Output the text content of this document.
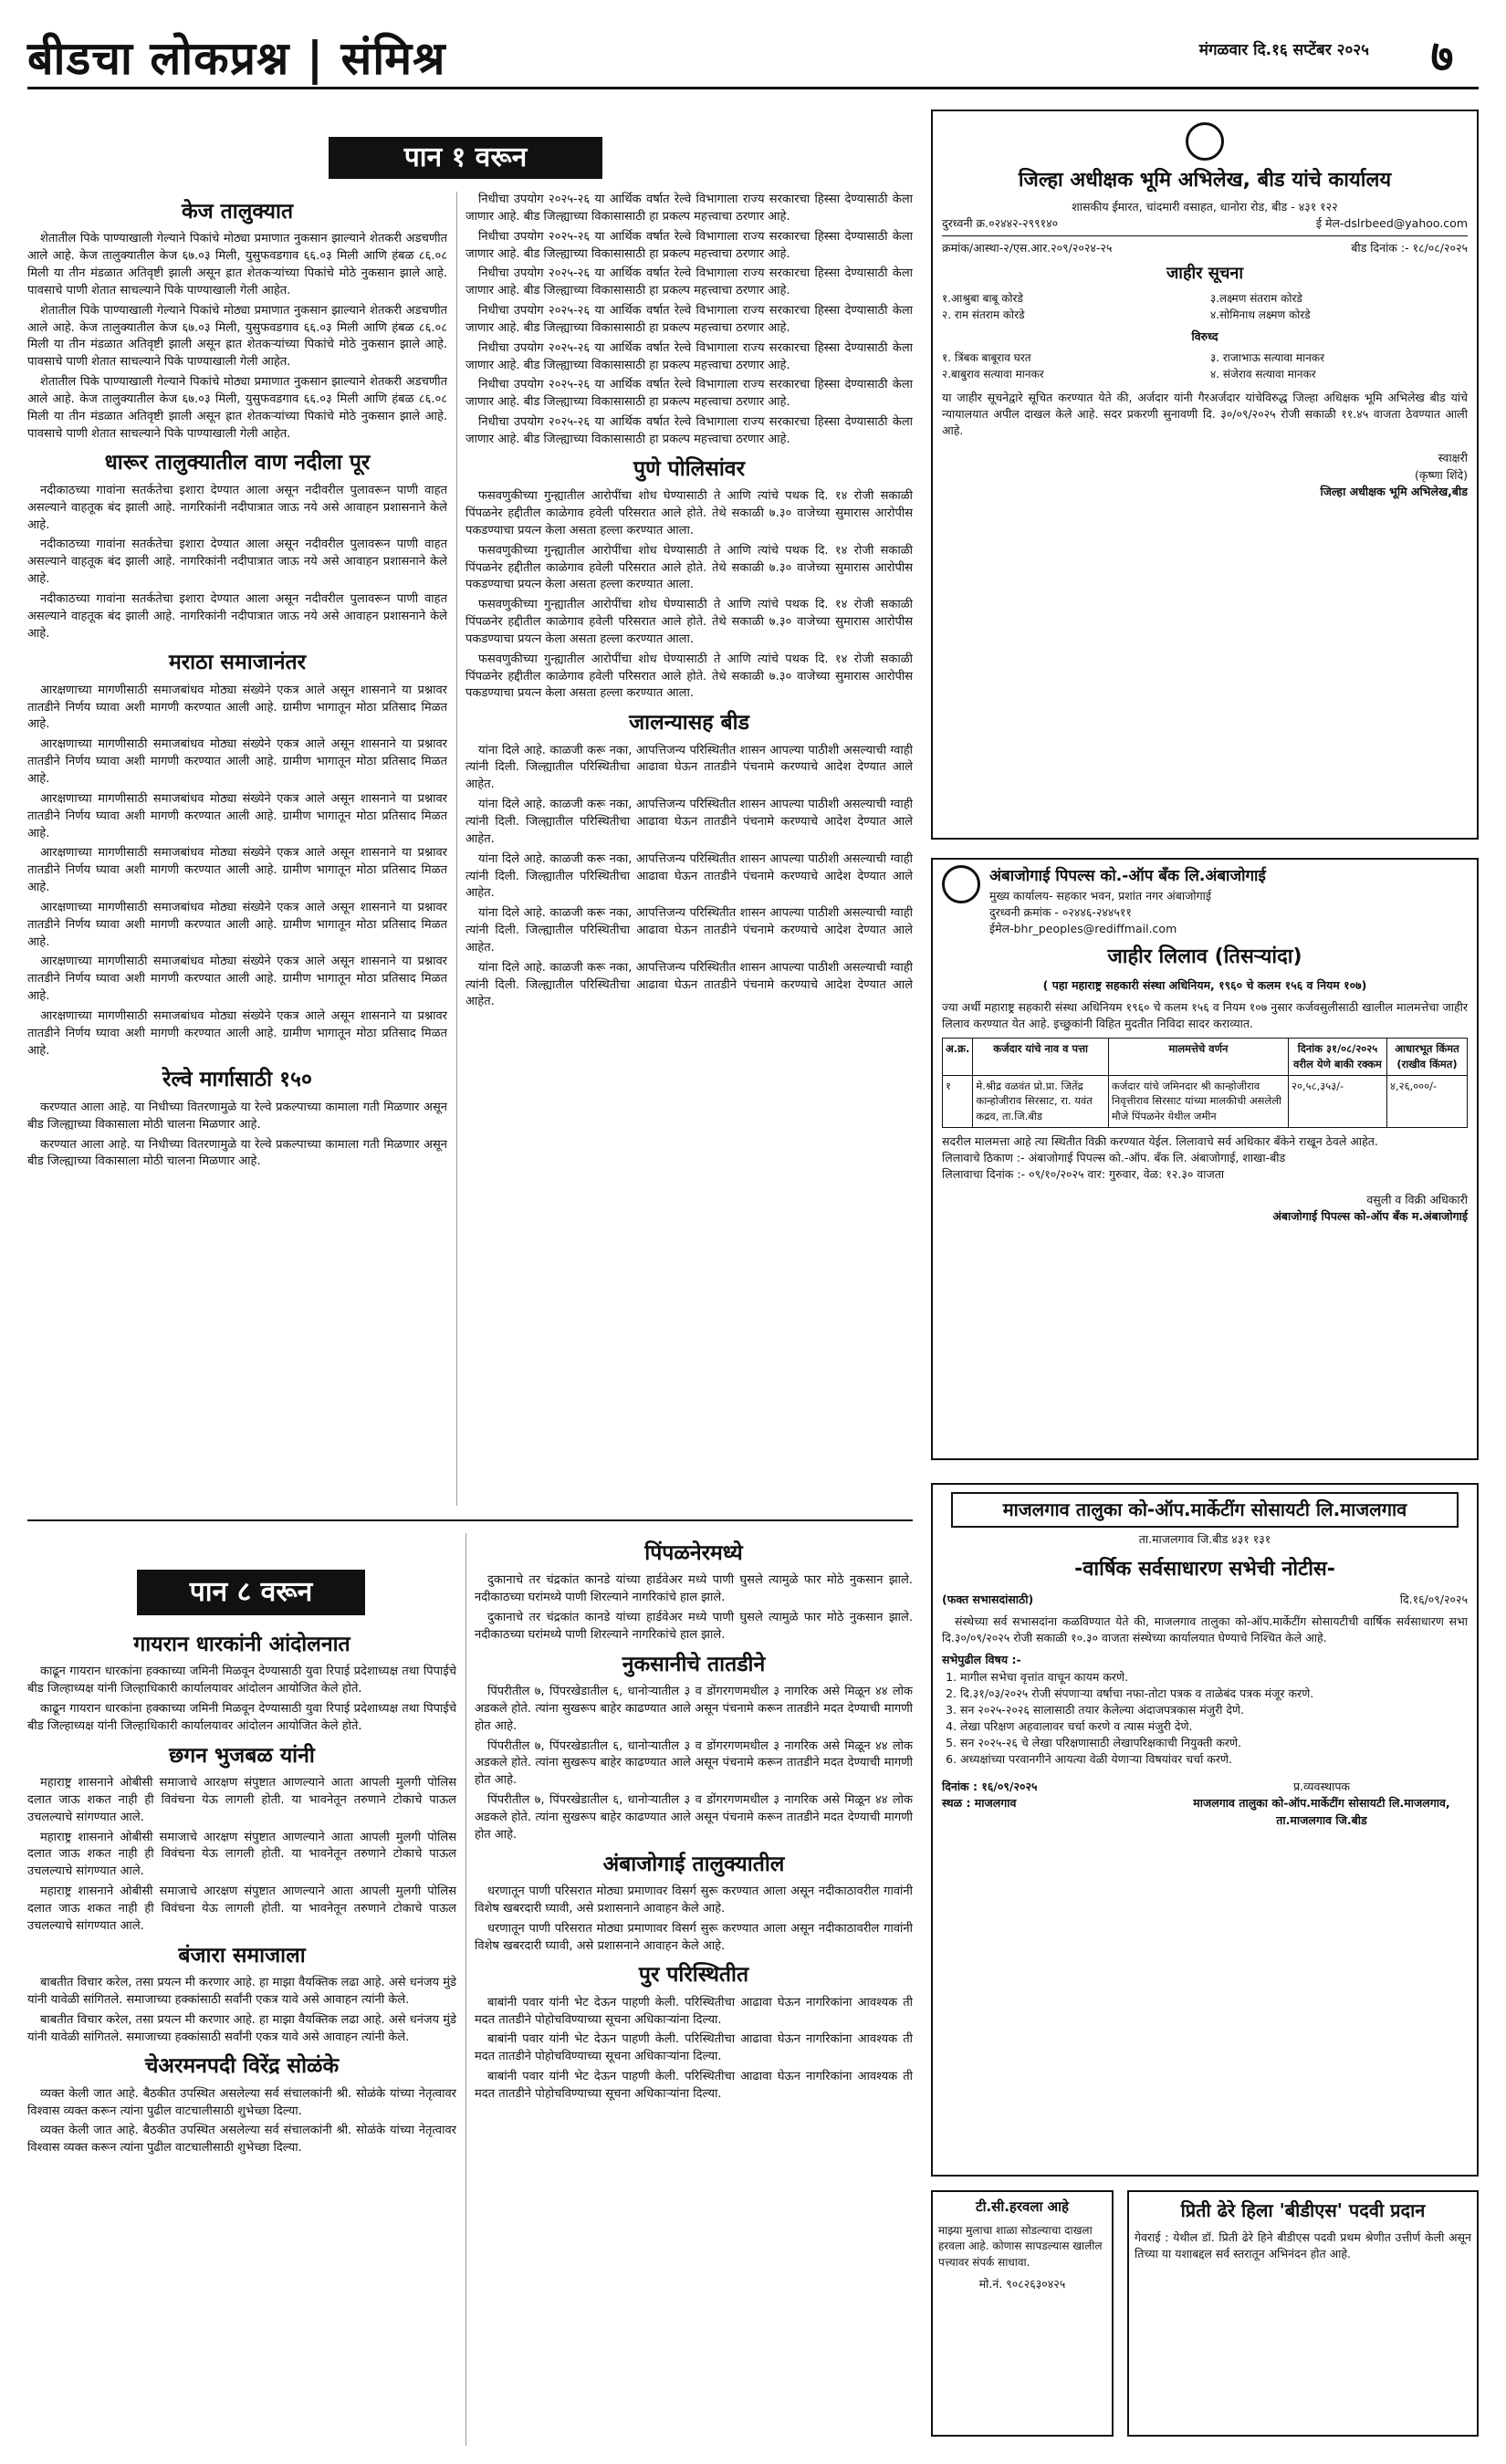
बीडचा लोकप्रश्न | संमिश्र	मंगळवार दि.१६ सप्टेंबर २०२५	७
पान १ वरून
केज तालुक्यात

शेतातील पिके पाण्याखाली गेल्याने पिकांचे मोठ्या प्रमाणात नुकसान झाल्याने शेतकरी अडचणीत आले आहे. केज तालुक्यातील केज ६७.०३ मिली, युसुफवडगाव ६६.०३ मिली आणि हंबळ ८६.०८ मिली या तीन मंडळात अतिवृष्टी झाली असून ह्रात शेतकऱ्यांच्या पिकांचे मोठे नुकसान झाले आहे. पावसाचे पाणी शेतात साचल्याने पिके पाण्याखाली गेली आहेत.

शेतातील पिके पाण्याखाली गेल्याने पिकांचे मोठ्या प्रमाणात नुकसान झाल्याने शेतकरी अडचणीत आले आहे. केज तालुक्यातील केज ६७.०३ मिली, युसुफवडगाव ६६.०३ मिली आणि हंबळ ८६.०८ मिली या तीन मंडळात अतिवृष्टी झाली असून ह्रात शेतकऱ्यांच्या पिकांचे मोठे नुकसान झाले आहे. पावसाचे पाणी शेतात साचल्याने पिके पाण्याखाली गेली आहेत.

शेतातील पिके पाण्याखाली गेल्याने पिकांचे मोठ्या प्रमाणात नुकसान झाल्याने शेतकरी अडचणीत आले आहे. केज तालुक्यातील केज ६७.०३ मिली, युसुफवडगाव ६६.०३ मिली आणि हंबळ ८६.०८ मिली या तीन मंडळात अतिवृष्टी झाली असून ह्रात शेतकऱ्यांच्या पिकांचे मोठे नुकसान झाले आहे. पावसाचे पाणी शेतात साचल्याने पिके पाण्याखाली गेली आहेत.

धारूर तालुक्यातील वाण नदीला पूर

नदीकाठच्या गावांना सतर्कतेचा इशारा देण्यात आला असून नदीवरील पुलावरून पाणी वाहत असल्याने वाहतूक बंद झाली आहे. नागरिकांनी नदीपात्रात जाऊ नये असे आवाहन प्रशासनाने केले आहे.

नदीकाठच्या गावांना सतर्कतेचा इशारा देण्यात आला असून नदीवरील पुलावरून पाणी वाहत असल्याने वाहतूक बंद झाली आहे. नागरिकांनी नदीपात्रात जाऊ नये असे आवाहन प्रशासनाने केले आहे.

नदीकाठच्या गावांना सतर्कतेचा इशारा देण्यात आला असून नदीवरील पुलावरून पाणी वाहत असल्याने वाहतूक बंद झाली आहे. नागरिकांनी नदीपात्रात जाऊ नये असे आवाहन प्रशासनाने केले आहे.

मराठा समाजानंतर

आरक्षणाच्या मागणीसाठी समाजबांधव मोठ्या संख्येने एकत्र आले असून शासनाने या प्रश्नावर तातडीने निर्णय घ्यावा अशी मागणी करण्यात आली आहे. ग्रामीण भागातून मोठा प्रतिसाद मिळत आहे.

आरक्षणाच्या मागणीसाठी समाजबांधव मोठ्या संख्येने एकत्र आले असून शासनाने या प्रश्नावर तातडीने निर्णय घ्यावा अशी मागणी करण्यात आली आहे. ग्रामीण भागातून मोठा प्रतिसाद मिळत आहे.

आरक्षणाच्या मागणीसाठी समाजबांधव मोठ्या संख्येने एकत्र आले असून शासनाने या प्रश्नावर तातडीने निर्णय घ्यावा अशी मागणी करण्यात आली आहे. ग्रामीण भागातून मोठा प्रतिसाद मिळत आहे.

आरक्षणाच्या मागणीसाठी समाजबांधव मोठ्या संख्येने एकत्र आले असून शासनाने या प्रश्नावर तातडीने निर्णय घ्यावा अशी मागणी करण्यात आली आहे. ग्रामीण भागातून मोठा प्रतिसाद मिळत आहे.

आरक्षणाच्या मागणीसाठी समाजबांधव मोठ्या संख्येने एकत्र आले असून शासनाने या प्रश्नावर तातडीने निर्णय घ्यावा अशी मागणी करण्यात आली आहे. ग्रामीण भागातून मोठा प्रतिसाद मिळत आहे.

आरक्षणाच्या मागणीसाठी समाजबांधव मोठ्या संख्येने एकत्र आले असून शासनाने या प्रश्नावर तातडीने निर्णय घ्यावा अशी मागणी करण्यात आली आहे. ग्रामीण भागातून मोठा प्रतिसाद मिळत आहे.

आरक्षणाच्या मागणीसाठी समाजबांधव मोठ्या संख्येने एकत्र आले असून शासनाने या प्रश्नावर तातडीने निर्णय घ्यावा अशी मागणी करण्यात आली आहे. ग्रामीण भागातून मोठा प्रतिसाद मिळत आहे.

रेल्वे मार्गासाठी १५०

करण्यात आला आहे. या निधीच्या वितरणामुळे या रेल्वे प्रकल्पाच्या कामाला गती मिळणार असून बीड जिल्ह्याच्या विकासाला मोठी चालना मिळणार आहे.

करण्यात आला आहे. या निधीच्या वितरणामुळे या रेल्वे प्रकल्पाच्या कामाला गती मिळणार असून बीड जिल्ह्याच्या विकासाला मोठी चालना मिळणार आहे.

निधीचा उपयोग २०२५-२६ या आर्थिक वर्षात रेल्वे विभागाला राज्य सरकारचा हिस्सा देण्यासाठी केला जाणार आहे. बीड जिल्ह्याच्या विकासासाठी हा प्रकल्प महत्त्वाचा ठरणार आहे.

निधीचा उपयोग २०२५-२६ या आर्थिक वर्षात रेल्वे विभागाला राज्य सरकारचा हिस्सा देण्यासाठी केला जाणार आहे. बीड जिल्ह्याच्या विकासासाठी हा प्रकल्प महत्त्वाचा ठरणार आहे.

निधीचा उपयोग २०२५-२६ या आर्थिक वर्षात रेल्वे विभागाला राज्य सरकारचा हिस्सा देण्यासाठी केला जाणार आहे. बीड जिल्ह्याच्या विकासासाठी हा प्रकल्प महत्त्वाचा ठरणार आहे.

निधीचा उपयोग २०२५-२६ या आर्थिक वर्षात रेल्वे विभागाला राज्य सरकारचा हिस्सा देण्यासाठी केला जाणार आहे. बीड जिल्ह्याच्या विकासासाठी हा प्रकल्प महत्त्वाचा ठरणार आहे.

निधीचा उपयोग २०२५-२६ या आर्थिक वर्षात रेल्वे विभागाला राज्य सरकारचा हिस्सा देण्यासाठी केला जाणार आहे. बीड जिल्ह्याच्या विकासासाठी हा प्रकल्प महत्त्वाचा ठरणार आहे.

निधीचा उपयोग २०२५-२६ या आर्थिक वर्षात रेल्वे विभागाला राज्य सरकारचा हिस्सा देण्यासाठी केला जाणार आहे. बीड जिल्ह्याच्या विकासासाठी हा प्रकल्प महत्त्वाचा ठरणार आहे.

निधीचा उपयोग २०२५-२६ या आर्थिक वर्षात रेल्वे विभागाला राज्य सरकारचा हिस्सा देण्यासाठी केला जाणार आहे. बीड जिल्ह्याच्या विकासासाठी हा प्रकल्प महत्त्वाचा ठरणार आहे.

पुणे पोलिसांवर

फसवणुकीच्या गुन्ह्यातील आरोपींचा शोध घेण्यासाठी ते आणि त्यांचे पथक दि. १४ रोजी सकाळी पिंपळनेर हद्दीतील काळेगाव हवेली परिसरात आले होते. तेथे सकाळी ७.३० वाजेच्या सुमारास आरोपीस पकडण्याचा प्रयत्न केला असता हल्ला करण्यात आला.

फसवणुकीच्या गुन्ह्यातील आरोपींचा शोध घेण्यासाठी ते आणि त्यांचे पथक दि. १४ रोजी सकाळी पिंपळनेर हद्दीतील काळेगाव हवेली परिसरात आले होते. तेथे सकाळी ७.३० वाजेच्या सुमारास आरोपीस पकडण्याचा प्रयत्न केला असता हल्ला करण्यात आला.

फसवणुकीच्या गुन्ह्यातील आरोपींचा शोध घेण्यासाठी ते आणि त्यांचे पथक दि. १४ रोजी सकाळी पिंपळनेर हद्दीतील काळेगाव हवेली परिसरात आले होते. तेथे सकाळी ७.३० वाजेच्या सुमारास आरोपीस पकडण्याचा प्रयत्न केला असता हल्ला करण्यात आला.

फसवणुकीच्या गुन्ह्यातील आरोपींचा शोध घेण्यासाठी ते आणि त्यांचे पथक दि. १४ रोजी सकाळी पिंपळनेर हद्दीतील काळेगाव हवेली परिसरात आले होते. तेथे सकाळी ७.३० वाजेच्या सुमारास आरोपीस पकडण्याचा प्रयत्न केला असता हल्ला करण्यात आला.

जालन्यासह बीड

यांना दिले आहे. काळजी करू नका, आपत्तिजन्य परिस्थितीत शासन आपल्या पाठीशी असल्याची ग्वाही त्यांनी दिली. जिल्ह्यातील परिस्थितीचा आढावा घेऊन तातडीने पंचनामे करण्याचे आदेश देण्यात आले आहेत.

यांना दिले आहे. काळजी करू नका, आपत्तिजन्य परिस्थितीत शासन आपल्या पाठीशी असल्याची ग्वाही त्यांनी दिली. जिल्ह्यातील परिस्थितीचा आढावा घेऊन तातडीने पंचनामे करण्याचे आदेश देण्यात आले आहेत.

यांना दिले आहे. काळजी करू नका, आपत्तिजन्य परिस्थितीत शासन आपल्या पाठीशी असल्याची ग्वाही त्यांनी दिली. जिल्ह्यातील परिस्थितीचा आढावा घेऊन तातडीने पंचनामे करण्याचे आदेश देण्यात आले आहेत.

यांना दिले आहे. काळजी करू नका, आपत्तिजन्य परिस्थितीत शासन आपल्या पाठीशी असल्याची ग्वाही त्यांनी दिली. जिल्ह्यातील परिस्थितीचा आढावा घेऊन तातडीने पंचनामे करण्याचे आदेश देण्यात आले आहेत.

यांना दिले आहे. काळजी करू नका, आपत्तिजन्य परिस्थितीत शासन आपल्या पाठीशी असल्याची ग्वाही त्यांनी दिली. जिल्ह्यातील परिस्थितीचा आढावा घेऊन तातडीने पंचनामे करण्याचे आदेश देण्यात आले आहेत.

जिल्हा अधीक्षक भूमि अभिलेख, बीड यांचे कार्यालय
शासकीय ईमारत, चांदमारी वसाहत, धानोरा रोड, बीड - ४३१ १२२
दुरध्वनी क्र.०२४४२-२९९१४०	ई मेल-dslrbeed@yahoo.com
क्रमांक/आस्था-२/एस.आर.२०९/२०२४-२५	बीड दिनांक :- १८/०८/२०२५
जाहीर सूचना
१.आश्रुबा बाबू कोरडे
२. राम संतराम कोरडे
३.लक्ष्मण संतराम कोरडे
४.सोमिनाथ लक्ष्मण कोरडे
विरुध्द
१. त्रिंबक बाबूराव घरत
२.बाबुराव सत्यावा मानकर
३. राजाभाऊ सत्यावा मानकर
४. संजेराव सत्यावा मानकर

या जाहीर सूचनेद्वारे सूचित करण्यात येते की, अर्जदार यांनी गैरअर्जदार यांचेविरुद्ध जिल्हा अधिक्षक भूमि अभिलेख बीड यांचे न्यायालयात अपील दाखल केले आहे. सदर प्रकरणी सुनावणी दि. ३०/०९/२०२५ रोजी सकाळी ११.४५ वाजता ठेवण्यात आली आहे.

स्वाक्षरी
(कृष्णा शिंदे)
जिल्हा अधीक्षक भूमि अभिलेख,बीड
अंबाजोगाई पिपल्स को.-ऑप बँक लि.अंबाजोगाई
मुख्य कार्यालय- सहकार भवन, प्रशांत नगर अंबाजोगाई
दुरध्वनी क्रमांक - ०२४४६-२४४५११
ईमेल-bhr_peoples@rediffmail.com
जाहीर लिलाव (तिसऱ्यांदा)
( पहा महाराष्ट्र सहकारी संस्था अधिनियम, १९६० चे कलम १५६ व नियम १०७)

ज्या अर्थी महाराष्ट्र सहकारी संस्था अधिनियम १९६० चे कलम १५६ व नियम १०७ नुसार कर्जवसुलीसाठी खालील मालमत्तेचा जाहीर लिलाव करण्यात येत आहे. इच्छुकांनी विहित मुदतीत निविदा सादर कराव्यात.

अ.क्र.	कर्जदार यांचे नाव व पत्ता	मालमत्तेचे वर्णन	दिनांक ३१/०८/२०२५ वरील येणे बाकी रक्कम	आधारभूत किंमत (राखीव किंमत)
१	मे.श्रीद्र वळवंत प्रो.प्रा. जितेंद्र कान्होजीराव सिरसाट, रा. यवंत कद्रव, ता.जि.बीड	कर्जदार यांचे जमिनदार श्री कान्होजीराव निवृत्तीराव सिरसाट यांच्या मालकीची असलेली मौजे पिंपळनेर येथील जमीन	२०,५८,३५३/-	४,२६,०००/-

सदरील मालमत्ता आहे त्या स्थितीत विक्री करण्यात येईल. लिलावाचे सर्व अधिकार बँकेने राखून ठेवले आहेत.

लिलावाचे ठिकाण :- अंबाजोगाई पिपल्स को.-ऑप. बँक लि. अंबाजोगाई, शाखा-बीड

लिलावाचा दिनांक :- ०९/१०/२०२५ वार: गुरुवार, वेळ: १२.३० वाजता

वसुली व विक्री अधिकारी
अंबाजोगाई पिपल्स को-ऑप बँक म.अंबाजोगाई
पान ८ वरून
गायरान धारकांनी आंदोलनात

काढून गायरान धारकांना हक्काच्या जमिनी मिळवून देण्यासाठी युवा रिपाई प्रदेशाध्यक्ष तथा पिपाईचे बीड जिल्हाध्यक्ष यांनी जिल्हाधिकारी कार्यालयावर आंदोलन आयोजित केले होते.

काढून गायरान धारकांना हक्काच्या जमिनी मिळवून देण्यासाठी युवा रिपाई प्रदेशाध्यक्ष तथा पिपाईचे बीड जिल्हाध्यक्ष यांनी जिल्हाधिकारी कार्यालयावर आंदोलन आयोजित केले होते.

छगन भुजबळ यांनी

महाराष्ट्र शासनाने ओबीसी समाजाचे आरक्षण संपुष्टात आणल्याने आता आपली मुलगी पोलिस दलात जाऊ शकत नाही ही विवंचना येऊ लागली होती. या भावनेतून तरुणाने टोकाचे पाऊल उचलल्याचे सांगण्यात आले.

महाराष्ट्र शासनाने ओबीसी समाजाचे आरक्षण संपुष्टात आणल्याने आता आपली मुलगी पोलिस दलात जाऊ शकत नाही ही विवंचना येऊ लागली होती. या भावनेतून तरुणाने टोकाचे पाऊल उचलल्याचे सांगण्यात आले.

महाराष्ट्र शासनाने ओबीसी समाजाचे आरक्षण संपुष्टात आणल्याने आता आपली मुलगी पोलिस दलात जाऊ शकत नाही ही विवंचना येऊ लागली होती. या भावनेतून तरुणाने टोकाचे पाऊल उचलल्याचे सांगण्यात आले.

बंजारा समाजाला

बाबतीत विचार करेल, तसा प्रयत्न मी करणार आहे. हा माझा वैयक्तिक लढा आहे. असे धनंजय मुंडे यांनी यावेळी सांगितले. समाजाच्या हक्कांसाठी सर्वांनी एकत्र यावे असे आवाहन त्यांनी केले.

बाबतीत विचार करेल, तसा प्रयत्न मी करणार आहे. हा माझा वैयक्तिक लढा आहे. असे धनंजय मुंडे यांनी यावेळी सांगितले. समाजाच्या हक्कांसाठी सर्वांनी एकत्र यावे असे आवाहन त्यांनी केले.

चेअरमनपदी विरेंद्र सोळंके

व्यक्त केली जात आहे. बैठकीत उपस्थित असलेल्या सर्व संचालकांनी श्री. सोळंके यांच्या नेतृत्वावर विश्वास व्यक्त करून त्यांना पुढील वाटचालीसाठी शुभेच्छा दिल्या.

व्यक्त केली जात आहे. बैठकीत उपस्थित असलेल्या सर्व संचालकांनी श्री. सोळंके यांच्या नेतृत्वावर विश्वास व्यक्त करून त्यांना पुढील वाटचालीसाठी शुभेच्छा दिल्या.

पिंपळनेरमध्ये

दुकानाचे तर चंद्रकांत कानडे यांच्या हार्डवेअर मध्ये पाणी घुसले त्यामुळे फार मोठे नुकसान झाले. नदीकाठच्या घरांमध्ये पाणी शिरल्याने नागरिकांचे हाल झाले.

दुकानाचे तर चंद्रकांत कानडे यांच्या हार्डवेअर मध्ये पाणी घुसले त्यामुळे फार मोठे नुकसान झाले. नदीकाठच्या घरांमध्ये पाणी शिरल्याने नागरिकांचे हाल झाले.

नुकसानीचे तातडीने

पिंपरीतील ७, पिंपरखेडातील ६, धानोऱ्यातील ३ व डोंगरगणमधील ३ नागरिक असे मिळून ४४ लोक अडकले होते. त्यांना सुखरूप बाहेर काढण्यात आले असून पंचनामे करून तातडीने मदत देण्याची मागणी होत आहे.

पिंपरीतील ७, पिंपरखेडातील ६, धानोऱ्यातील ३ व डोंगरगणमधील ३ नागरिक असे मिळून ४४ लोक अडकले होते. त्यांना सुखरूप बाहेर काढण्यात आले असून पंचनामे करून तातडीने मदत देण्याची मागणी होत आहे.

पिंपरीतील ७, पिंपरखेडातील ६, धानोऱ्यातील ३ व डोंगरगणमधील ३ नागरिक असे मिळून ४४ लोक अडकले होते. त्यांना सुखरूप बाहेर काढण्यात आले असून पंचनामे करून तातडीने मदत देण्याची मागणी होत आहे.

अंबाजोगाई तालुक्यातील

धरणातून पाणी परिसरात मोठ्या प्रमाणावर विसर्ग सुरू करण्यात आला असून नदीकाठावरील गावांनी विशेष खबरदारी घ्यावी, असे प्रशासनाने आवाहन केले आहे.

धरणातून पाणी परिसरात मोठ्या प्रमाणावर विसर्ग सुरू करण्यात आला असून नदीकाठावरील गावांनी विशेष खबरदारी घ्यावी, असे प्रशासनाने आवाहन केले आहे.

पुर परिस्थितीत

बाबांनी पवार यांनी भेट देऊन पाहणी केली. परिस्थितीचा आढावा घेऊन नागरिकांना आवश्यक ती मदत तातडीने पोहोचविण्याच्या सूचना अधिकाऱ्यांना दिल्या.

बाबांनी पवार यांनी भेट देऊन पाहणी केली. परिस्थितीचा आढावा घेऊन नागरिकांना आवश्यक ती मदत तातडीने पोहोचविण्याच्या सूचना अधिकाऱ्यांना दिल्या.

बाबांनी पवार यांनी भेट देऊन पाहणी केली. परिस्थितीचा आढावा घेऊन नागरिकांना आवश्यक ती मदत तातडीने पोहोचविण्याच्या सूचना अधिकाऱ्यांना दिल्या.

माजलगाव तालुका को-ऑप.मार्केटींग सोसायटी लि.माजलगाव
ता.माजलगाव जि.बीड ४३१ १३१
-वार्षिक सर्वसाधारण सभेची नोटीस-
(फक्त सभासदांसाठी)	दि.१६/०९/२०२५

संस्थेच्या सर्व सभासदांना कळविण्यात येते की, माजलगाव तालुका को-ऑप.मार्केटींग सोसायटीची वार्षिक सर्वसाधारण सभा दि.३०/०९/२०२५ रोजी सकाळी १०.३० वाजता संस्थेच्या कार्यालयात घेण्याचे निश्चित केले आहे.

सभेपुढील विषय :-
1. मागील सभेचा वृत्तांत वाचून कायम करणे.
2. दि.३१/०३/२०२५ रोजी संपणाऱ्या वर्षाचा नफा-तोटा पत्रक व ताळेबंद पत्रक मंजूर करणे.
3. सन २०२५-२०२६ सालासाठी तयार केलेल्या अंदाजपत्रकास मंजुरी देणे.
4. लेखा परिक्षण अहवालावर चर्चा करणे व त्यास मंजुरी देणे.
5. सन २०२५-२६ चे लेखा परिक्षणासाठी लेखापरिक्षकाची नियुक्ती करणे.
6. अध्यक्षांच्या परवानगीने आयत्या वेळी येणाऱ्या विषयांवर चर्चा करणे.
दिनांक : १६/०९/२०२५
स्थळ : माजलगाव
प्र.व्यवस्थापक
माजलगाव तालुका को-ऑप.मार्केटींग सोसायटी लि.माजलगाव, ता.माजलगाव जि.बीड
टी.सी.हरवला आहे

माझ्या मुलाचा शाळा सोडल्याचा दाखला हरवला आहे. कोणास सापडल्यास खालील पत्त्यावर संपर्क साधावा.

मो.नं. ९०८२६३०४२५
प्रिती ढेरे हिला 'बीडीएस' पदवी प्रदान

गेवराई : येथील डॉ. प्रिती ढेरे हिने बीडीएस पदवी प्रथम श्रेणीत उत्तीर्ण केली असून तिच्या या यशाबद्दल सर्व स्तरातून अभिनंदन होत आहे.
